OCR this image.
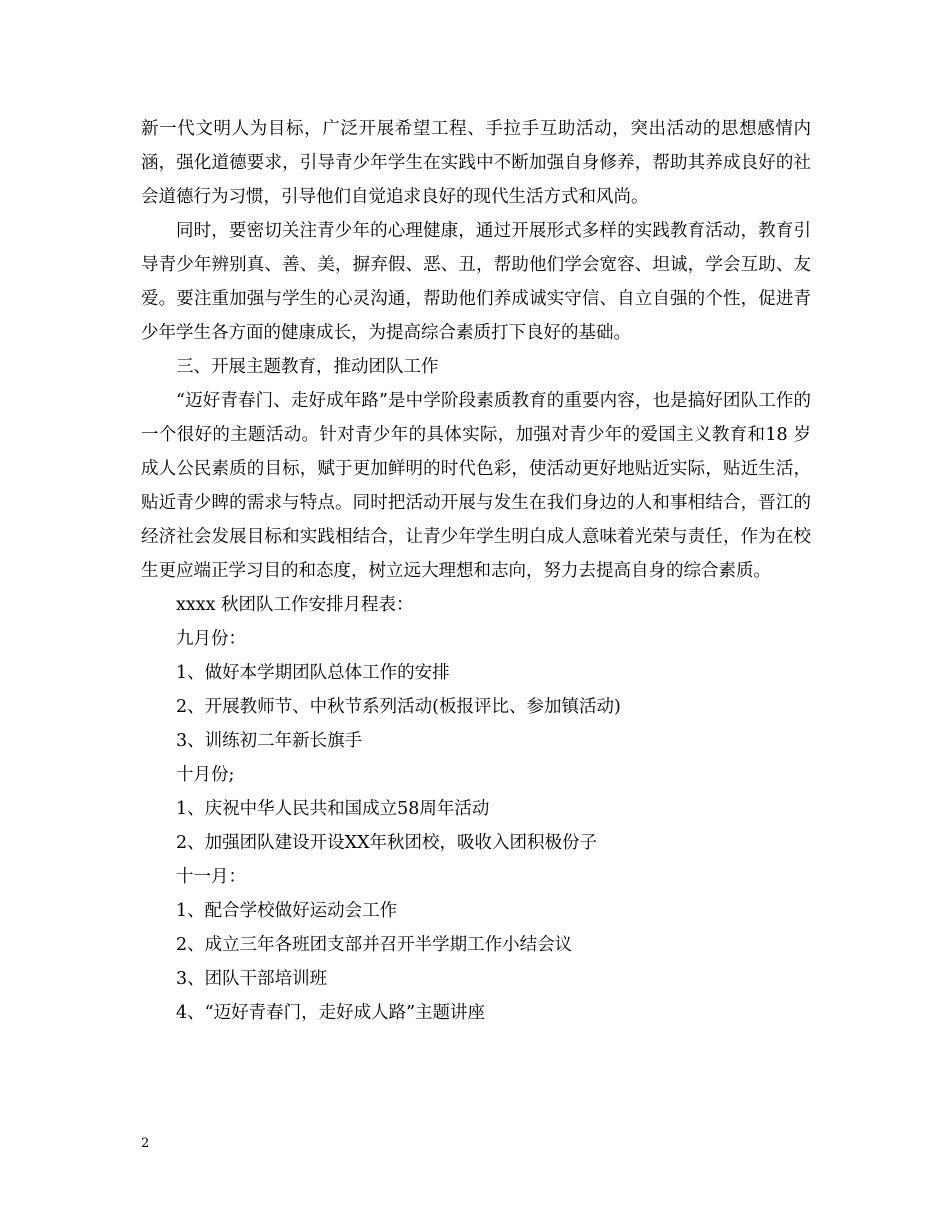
新一代文明人为目标，广泛开展希望工程、手拉手互助活动，突出活动的思想感情内涵，强化道德要求，引导青少年学生在实践中不断加强自身修养，帮助其养成良好的社会道德行为习惯，引导他们自觉追求良好的现代生活方式和风尚。

同时，要密切关注青少年的心理健康，通过开展形式多样的实践教育活动，教育引导青少年辨别真、善、美，摒弃假、恶、丑，帮助他们学会宽容、坦诚，学会互助、友爱。要注重加强与学生的心灵沟通，帮助他们养成诚实守信、自立自强的个性，促进青少年学生各方面的健康成长，为提高综合素质打下良好的基础。

三、开展主题教育，推动团队工作

“迈好青春门、走好成年路”是中学阶段素质教育的重要内容，也是搞好团队工作的一个很好的主题活动。针对青少年的具体实际，加强对青少年的爱国主义教育和18 岁成人公民素质的目标，赋于更加鲜明的时代色彩，使活动更好地贴近实际，贴近生活，贴近青少睥的需求与特点。同时把活动开展与发生在我们身边的人和事相结合，晋江的经济社会发展目标和实践相结合，让青少年学生明白成人意味着光荣与责任，作为在校生更应端正学习目的和态度，树立远大理想和志向，努力去提高自身的综合素质。

xxxx 秋团队工作安排月程表：

九月份：

1、做好本学期团队总体工作的安排

2、开展教师节、中秋节系列活动(板报评比、参加镇活动)

3、训练初二年新长旗手

十月份;

1、庆祝中华人民共和国成立58周年活动

2、加强团队建设开设XX年秋团校，吸收入团积极份子

十一月：

1、配合学校做好运动会工作

2、成立三年各班团支部并召开半学期工作小结会议

3、团队干部培训班

4、“迈好青春门，走好成人路”主题讲座

2
